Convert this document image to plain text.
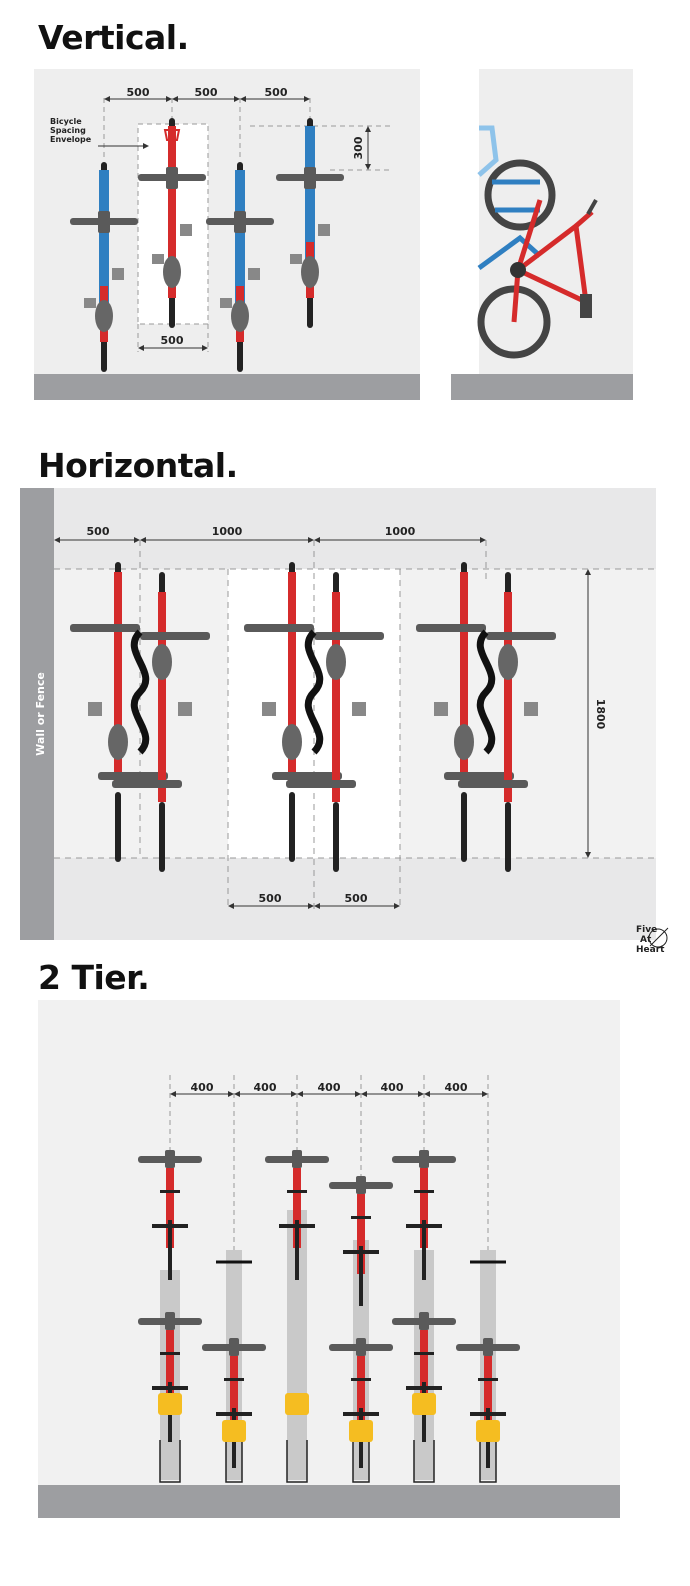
Vertical.
Horizontal.
2 Tier.
500	500	500
500
300
Bicycle
Spacing
Envelope
Wall or Fence
500	1000	1000
500	500
1800
Five
At
Heart
400	400	400	400	400
